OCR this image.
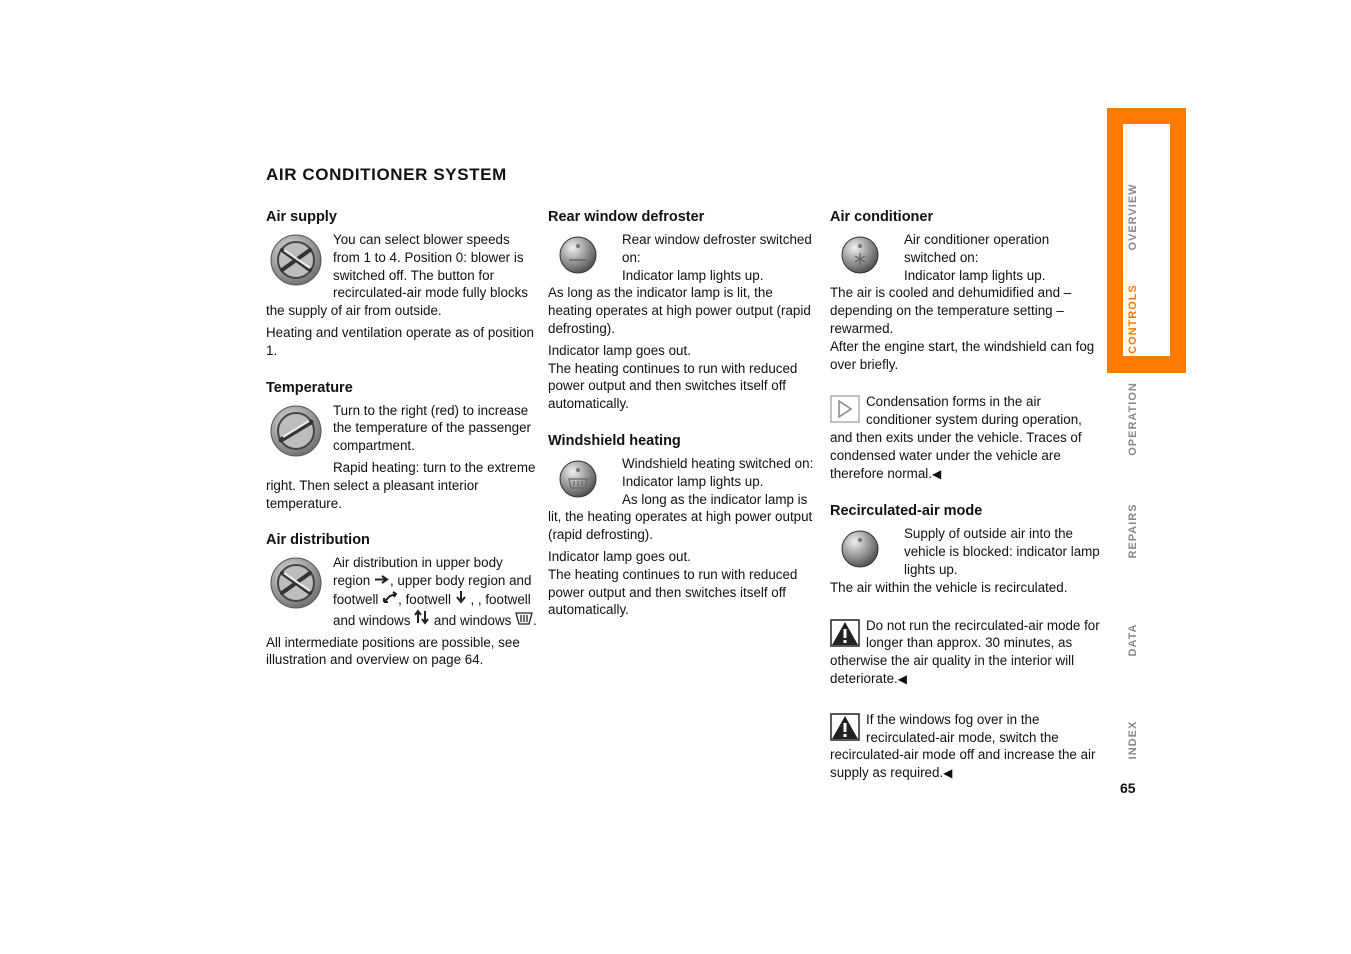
AIR CONDITIONER SYSTEM
Air supply

You can select blower speeds from 1 to 4. Position 0: blower is switched off. The button for recirculated-air mode fully blocks the supply of air from outside.

Heating and ventilation operate as of position 1.

Temperature

Turn to the right (red) to increase the temperature of the passenger compartment.

Rapid heating: turn to the extreme right. Then select a pleasant interior temperature.

Air distribution

Air distribution in upper body region , upper body region and footwell , footwell  , , footwell and windows and windows .

All intermediate positions are possible, see illustration and overview on page 64.

Rear window defroster

Rear window defroster switched on:

Indicator lamp lights up.

As long as the indicator lamp is lit, the heating operates at high power output (rapid defrosting).

Indicator lamp goes out.
The heating continues to run with reduced power output and then switches itself off automatically.

Windshield heating

Windshield heating switched on:

Indicator lamp lights up.

As long as the indicator lamp is lit, the heating operates at high power output (rapid defrosting).

Indicator lamp goes out.
The heating continues to run with reduced power output and then switches itself off automatically.

Air conditioner

Air conditioner operation switched on:

Indicator lamp lights up.

The air is cooled and dehumidified and – depending on the temperature setting – rewarmed.

After the engine start, the windshield can fog over briefly.

Condensation forms in the air conditioner system during operation, and then exits under the vehicle. Traces of condensed water under the vehicle are therefore normal.◀

Recirculated-air mode

Supply of outside air into the vehicle is blocked: indicator lamp lights up.

The air within the vehicle is recirculated.

Do not run the recirculated-air mode for longer than approx. 30 minutes, as otherwise the air quality in the interior will deteriorate.◀

If the windows fog over in the recirculated-air mode, switch the recirculated-air mode off and increase the air supply as required.◀

OVERVIEW
CONTROLS
OPERATION
REPAIRS
DATA
INDEX
65
